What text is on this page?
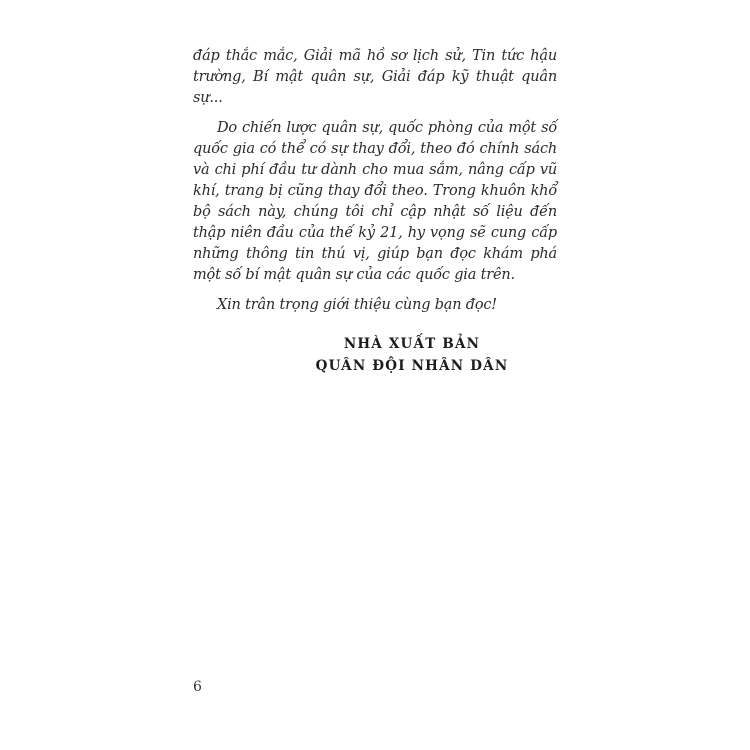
đáp thắc mắc, Giải mã hồ sơ lịch sử, Tin tức hậu trường, Bí mật quân sự, Giải đáp kỹ thuật quân sự...

Do chiến lược quân sự, quốc phòng của một số quốc gia có thể có sự thay đổi, theo đó chính sách và chi phí đầu tư dành cho mua sắm, nâng cấp vũ khí, trang bị cũng thay đổi theo. Trong khuôn khổ bộ sách này, chúng tôi chỉ cập nhật số liệu đến thập niên đầu của thế kỷ 21, hy vọng sẽ cung cấp những thông tin thú vị, giúp bạn đọc khám phá một số bí mật quân sự của các quốc gia trên.

Xin trân trọng giới thiệu cùng bạn đọc!

NHÀ XUẤT BẢN
QUÂN ĐỘI NHÂN DÂN
6
